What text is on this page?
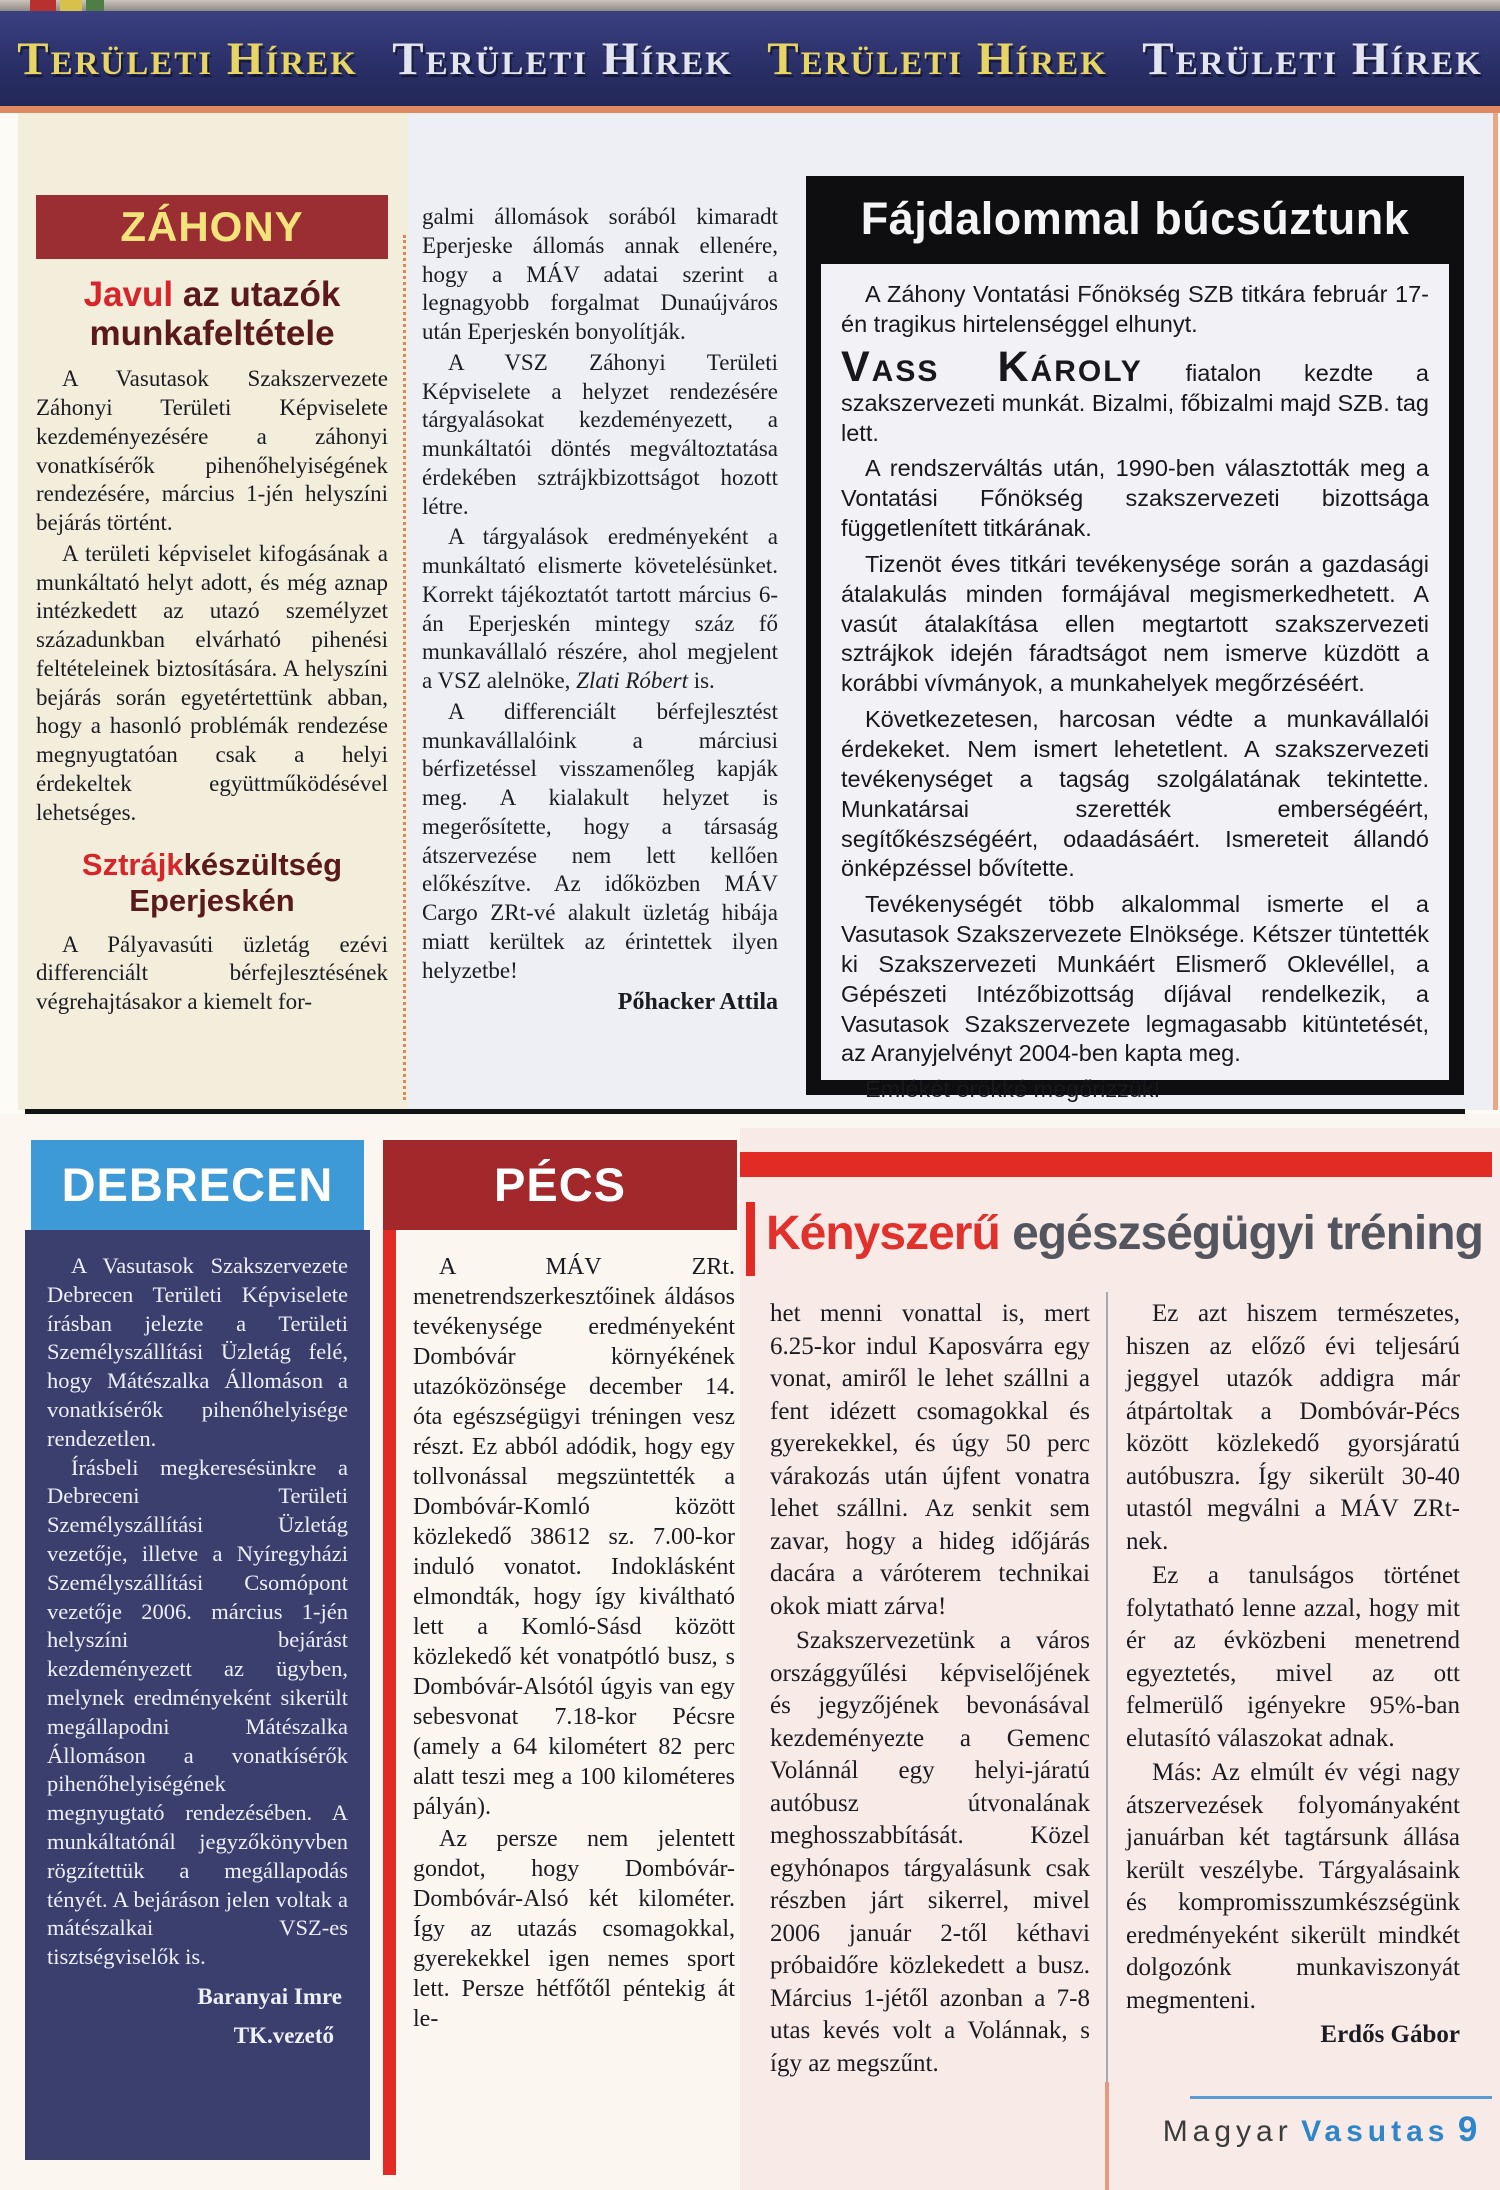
Területi Hírek Területi Hírek Területi Hírek Területi Hírek
ZÁHONY
Javul az utazók munkafeltétele

A Vasutasok Szakszervezete Záhonyi Területi Képviselete kezdeményezésére a záhonyi vonatkísérők pihenőhelyiségének rendezésére, március 1-jén helyszíni bejárás történt.

A területi képviselet kifogásának a munkáltató helyt adott, és még aznap intézkedett az utazó személyzet századunkban elvárható pihenési feltételeinek biztosítására. A helyszíni bejárás során egyetértettünk abban, hogy a hasonló problémák rendezése megnyugtatóan csak a helyi érdekeltek együttműködésével lehetséges.

Sztrájkkészültség
Eperjeskén

A Pályavasúti üzletág ezévi differenciált bérfejlesztésének végrehajtásakor a kiemelt for-

galmi állomások sorából kimaradt Eperjeske állomás annak ellenére, hogy a MÁV adatai szerint a legnagyobb forgalmat Dunaújváros után Eperjeskén bonyolítják.

A VSZ Záhonyi Területi Képviselete a helyzet rendezésére tárgyalásokat kezdeményezett, a munkáltatói döntés megváltoztatása érdekében sztrájkbizottságot hozott létre.

A tárgyalások eredményeként a munkáltató elismerte követelésünket. Korrekt tájékoztatót tartott március 6-án Eperjeskén mintegy száz fő munkavállaló részére, ahol megjelent a VSZ alelnöke, Zlati Róbert is.

A differenciált bérfejlesztést munkavállalóink a márciusi bérfizetéssel visszamenőleg kapják meg. A kialakult helyzet is megerősítette, hogy a társaság átszervezése nem lett kellően előkészítve. Az időközben MÁV Cargo ZRt-vé alakult üzletág hibája miatt kerültek az érintettek ilyen helyzetbe!

Pőhacker Attila
Fájdalommal búcsúztunk

A Záhony Vontatási Főnökség SZB titkára február 17-én tragikus hirtelenséggel elhunyt.

Vass Károly fiatalon kezdte a szakszervezeti munkát. Bizalmi, főbizalmi majd SZB. tag lett.

A rendszerváltás után, 1990-ben választották meg a Vontatási Főnökség szakszervezeti bizottsága függetlenített titkárának.

Tizenöt éves titkári tevékenysége során a gazdasági átalakulás minden formájával megismerkedhetett. A vasút átalakítása ellen megtartott szakszervezeti sztrájkok idején fáradtságot nem ismerve küzdött a korábbi vívmányok, a munkahelyek megőrzéséért.

Következetesen, harcosan védte a munkavállalói érdekeket. Nem ismert lehetetlent. A szakszervezeti tevékenységet a tagság szolgálatának tekintette. Munkatársai szerették emberségéért, segítőkészségéért, odaadásáért. Ismereteit állandó önképzéssel bővítette.

Tevékenységét több alkalommal ismerte el a Vasutasok Szakszervezete Elnöksége. Kétszer tüntették ki Szakszervezeti Munkáért Elismerő Oklevéllel, a Gépészeti Intézőbizottság díjával rendelkezik, a Vasutasok Szakszervezete legmagasabb kitüntetését, az Aranyjelvényt 2004-ben kapta meg.

Emlékét örökké megőrizzük!

DEBRECEN

A Vasutasok Szakszervezete Debrecen Területi Képviselete írásban jelezte a Területi Személyszállítási Üzletág felé, hogy Mátészalka Állomáson a vonatkísérők pihenőhelyisége rendezetlen.

Írásbeli megkeresésünkre a Debreceni Területi Személyszállítási Üzletág vezetője, illetve a Nyíregyházi Személyszállítási Csomópont vezetője 2006. március 1-jén helyszíni bejárást kezdeményezett az ügyben, melynek eredményeként sikerült megállapodni Mátészalka Állomáson a vonatkísérők pihenőhelyiségének megnyugtató rendezésében. A munkáltatónál jegyzőkönyvben rögzítettük a megállapodás tényét. A bejáráson jelen voltak a mátészalkai VSZ-es tisztségviselők is.

Baranyai Imre
TK.vezető
PÉCS

A MÁV ZRt. menetrendszerkesztőinek áldásos tevékenysége eredményeként Dombóvár környékének utazóközönsége december 14. óta egészségügyi tréningen vesz részt. Ez abból adódik, hogy egy tollvonással megszüntették a Dombóvár-Komló között közlekedő 38612 sz. 7.00-kor induló vonatot. Indoklásként elmondták, hogy így kiváltható lett a Komló-Sásd között közlekedő két vonatpótló busz, s Dombóvár-Alsótól úgyis van egy sebesvonat 7.18-kor Pécsre (amely a 64 kilométert 82 perc alatt teszi meg a 100 kilométeres pályán).

Az persze nem jelentett gondot, hogy Dombóvár-Dombóvár-Alsó két kilométer. Így az utazás csomagokkal, gyerekekkel igen nemes sport lett. Persze hétfőtől péntekig át le-

Kényszerű egészségügyi tréning

het menni vonattal is, mert 6.25-kor indul Kaposvárra egy vonat, amiről le lehet szállni a fent idézett csomagokkal és gyerekekkel, és úgy 50 perc várakozás után újfent vonatra lehet szállni. Az senkit sem zavar, hogy a hideg időjárás dacára a váróterem technikai okok miatt zárva!

Szakszervezetünk a város országgyűlési képviselőjének és jegyzőjének bevonásával kezdeményezte a Gemenc Volánnál egy helyi-járatú autóbusz útvonalának meghosszabbítását. Közel egyhónapos tárgyalásunk csak részben járt sikerrel, mivel 2006 január 2-től kéthavi próbaidőre közlekedett a busz. Március 1-jétől azonban a 7-8 utas kevés volt a Volánnak, s így az megszűnt.

Ez azt hiszem természetes, hiszen az előző évi teljesárú jeggyel utazók addigra már átpártoltak a Dombóvár-Pécs között közlekedő gyorsjáratú autóbuszra. Így sikerült 30-40 utastól megválni a MÁV ZRt-nek.

Ez a tanulságos történet folytatható lenne azzal, hogy mit ér az évközbeni menetrend egyeztetés, mivel az ott felmerülő igényekre 95%-ban elutasító válaszokat adnak.

Más: Az elmúlt év végi nagy átszervezések folyományaként januárban két tagtársunk állása került veszélybe. Tárgyalásaink és kompromisszumkészségünk eredményeként sikerült mindkét dolgozónk munkaviszonyát megmenteni.

Erdős Gábor
Magyar Vasutas 9
